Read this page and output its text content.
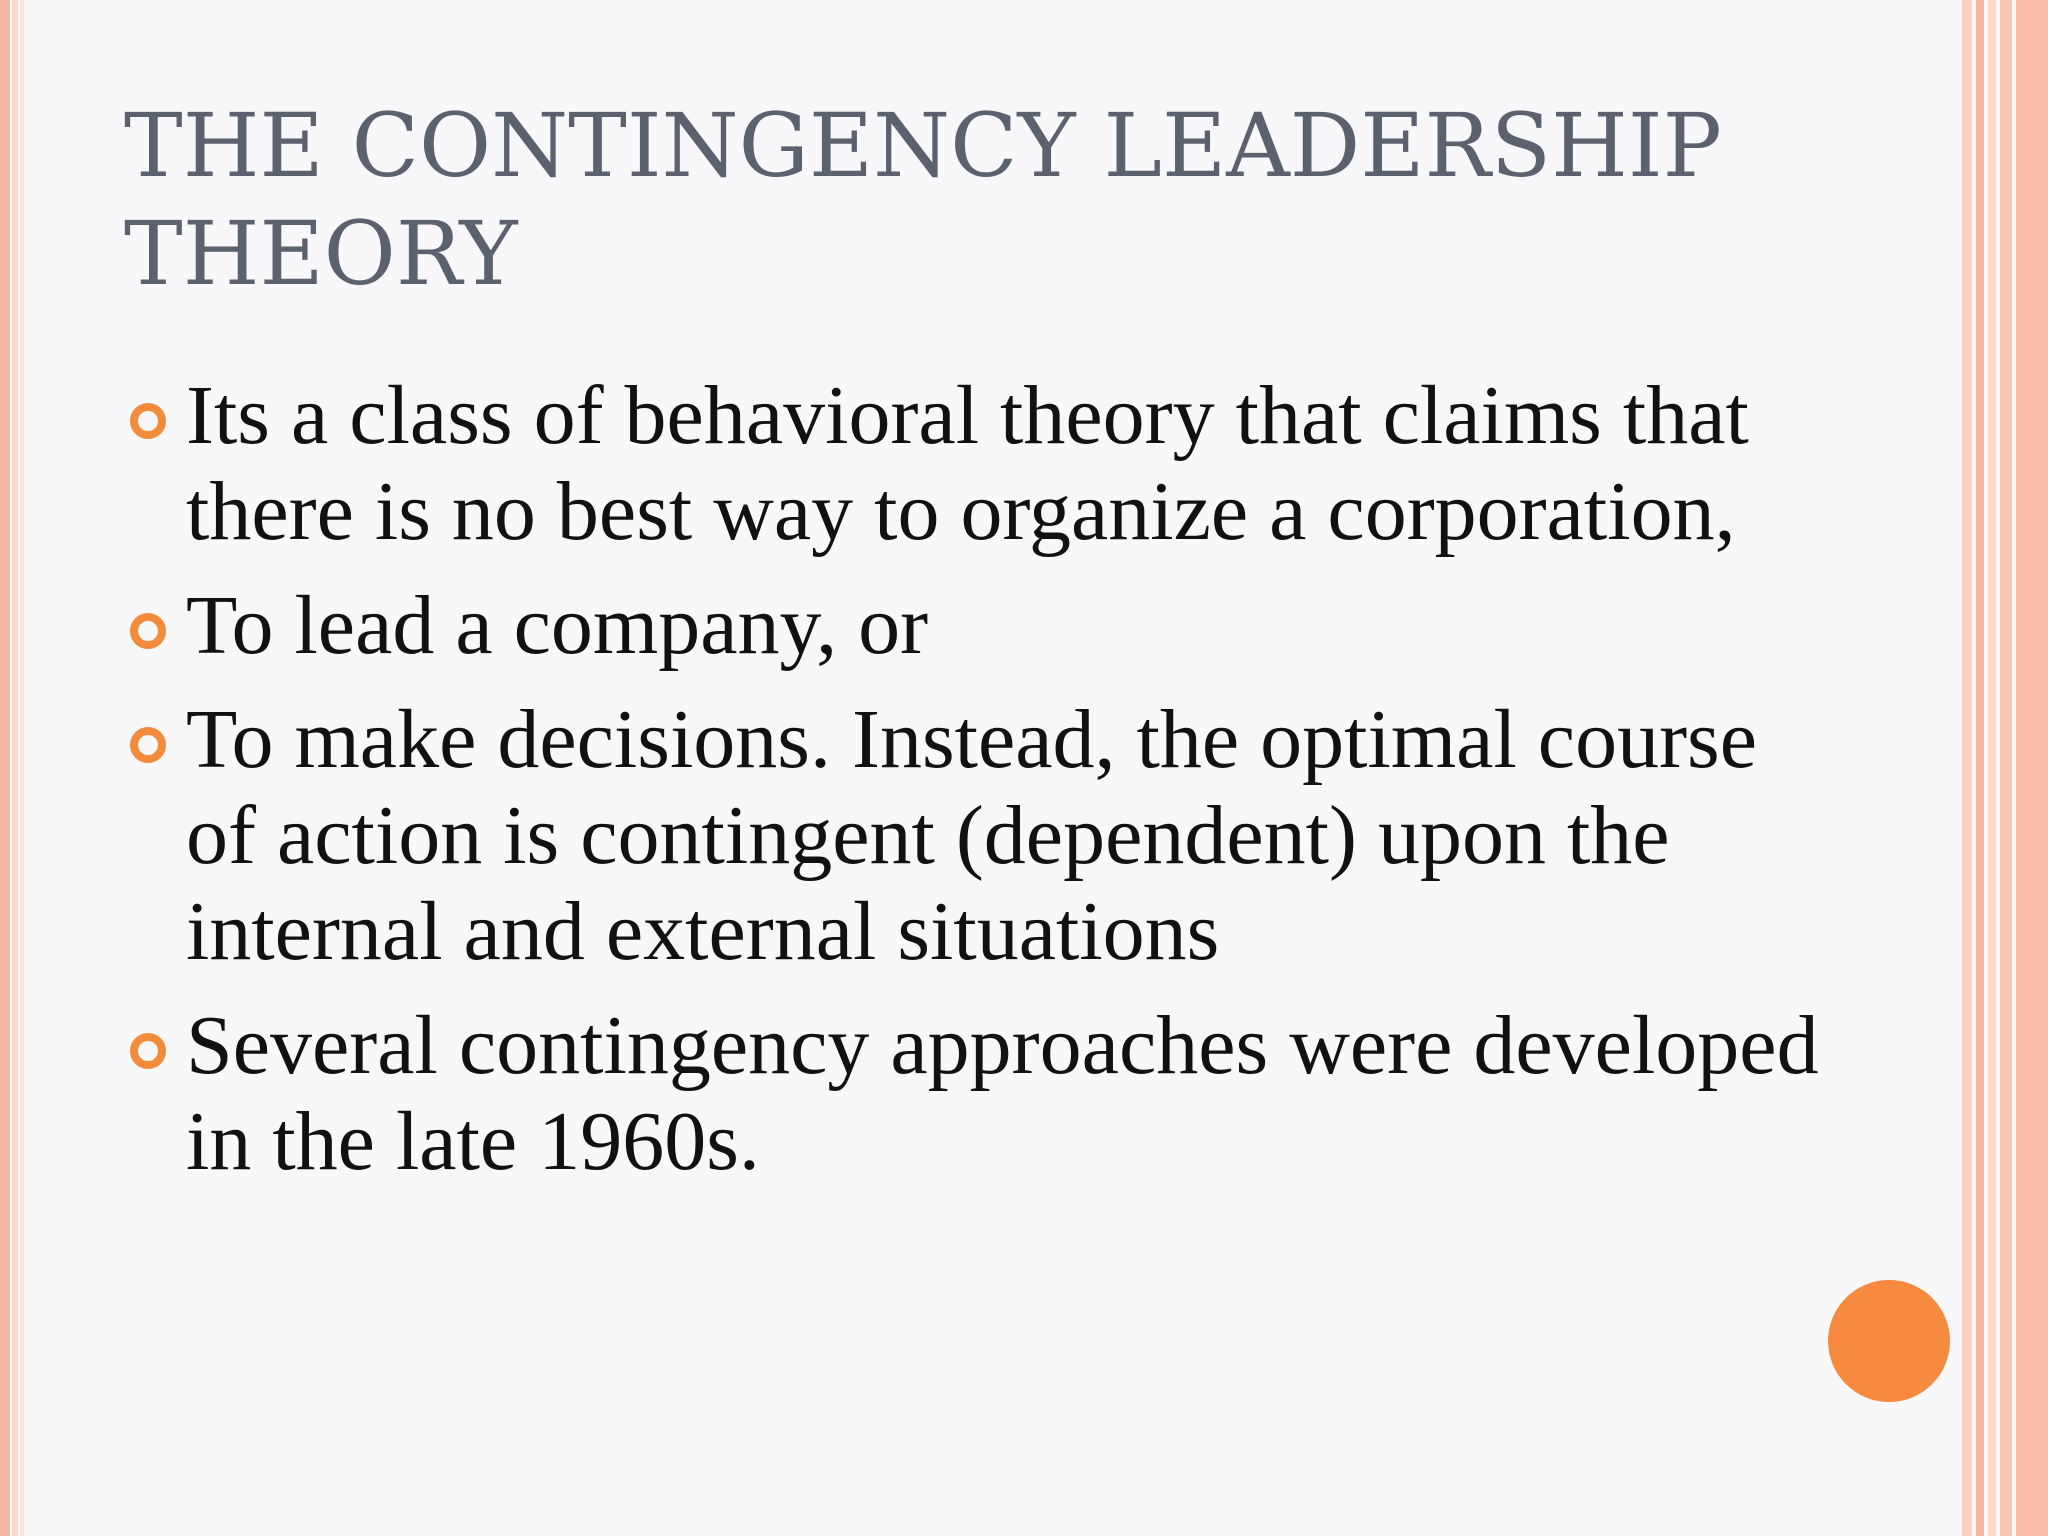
THE CONTINGENCY LEADERSHIP THEORY
Its a class of behavioral theory that claims that there is no best way to organize a corporation,
To lead a company, or
To make decisions. Instead, the optimal course of action is contingent (dependent) upon the internal and external situations
Several contingency approaches were developed in the late 1960s.
